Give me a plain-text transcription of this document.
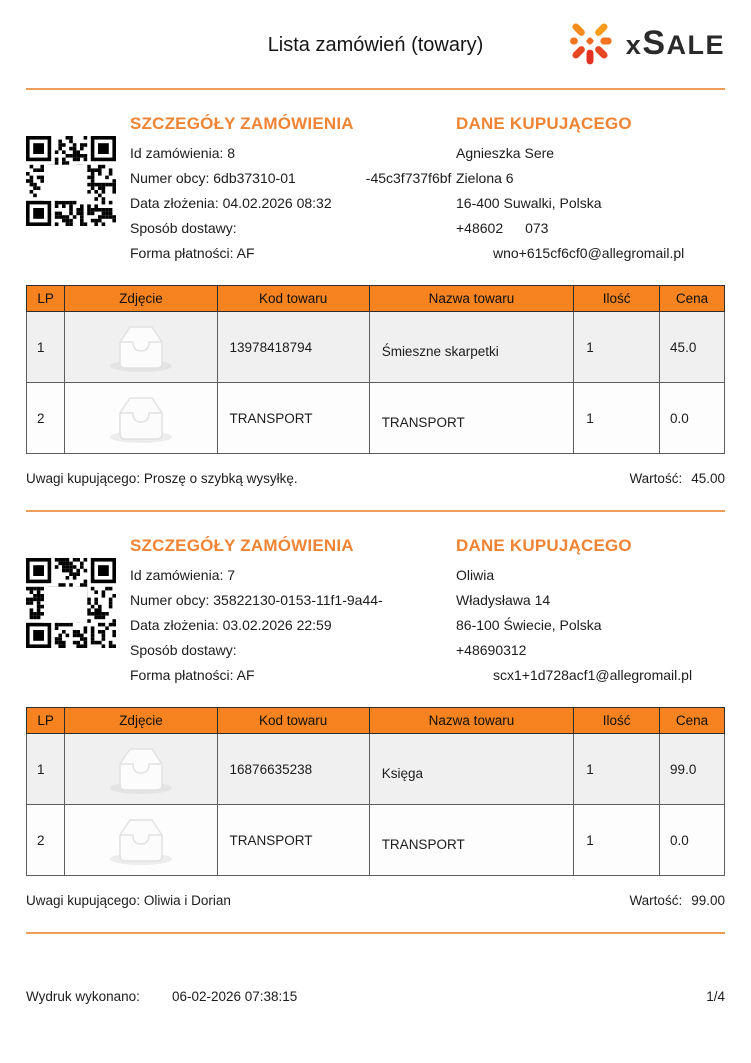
Lista zamówień (towary)	x S ALE
SZCZEGÓŁY ZAMÓWIENIA

Id zamówienia: 8

Numer obcy: 6db37310-01	-45c3f737f6bf

Data złożenia: 04.02.2026 08:32

Sposób dostawy:

Forma płatności: AF

DANE KUPUJĄCEGO

Agnieszka Sere

Zielona 6

16-400 Suwalki, Polska

+48602 073

wno+615cf6cf0@allegromail.pl

LP	Zdjęcie	Kod towaru	Nazwa towaru	Ilość	Cena
1		13978418794	Śmieszne skarpetki	1	45.0
2		TRANSPORT	TRANSPORT	1	0.0
Uwagi kupującego: Proszę o szybką wysyłkę.	Wartość: 45.00
SZCZEGÓŁY ZAMÓWIENIA

Id zamówienia: 7

Numer obcy: 35822130-0153-11f1-9a44-

Data złożenia: 03.02.2026 22:59

Sposób dostawy:

Forma płatności: AF

DANE KUPUJĄCEGO

Oliwia

Władysława 14

86-100 Świecie, Polska

+48690312

scx1+1d728acf1@allegromail.pl

LP	Zdjęcie	Kod towaru	Nazwa towaru	Ilość	Cena
1		16876635238	Księga	1	99.0
2		TRANSPORT	TRANSPORT	1	0.0
Uwagi kupującego: Oliwia i Dorian	Wartość: 99.00
Wydruk wykonano: 06-02-2026 07:38:15	1/4
